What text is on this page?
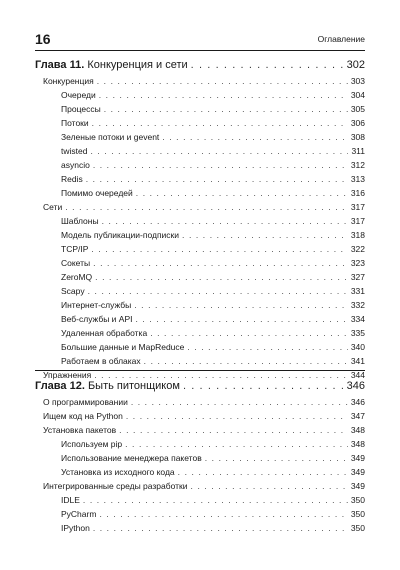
16	Оглавление
Глава 11. Конкуренция и сети . . .	302
Конкуренция . . .	303
Очереди . . .	304
Процессы . . .	305
Потоки . . .	306
Зеленые потоки и gevent . . .	308
twisted . . .	311
asyncio . . .	312
Redis . . .	313
Помимо очередей . . .	316
Сети . . .	317
Шаблоны . . .	317
Модель публикации-подписки . . .	318
TCP/IP . . .	322
Сокеты . . .	323
ZeroMQ . . .	327
Scapy . . .	331
Интернет-службы . . .	332
Веб-службы и API . . .	334
Удаленная обработка . . .	335
Большие данные и MapReduce . . .	340
Работаем в облаках . . .	341
Упражнения . . .	344
Глава 12. Быть питонщиком . . .	346
О программировании . . .	346
Ищем код на Python . . .	347
Установка пакетов . . .	348
Используем pip . . .	348
Использование менеджера пакетов . . .	349
Установка из исходного кода . . .	349
Интегрированные среды разработки . . .	349
IDLE . . .	350
PyCharm . . .	350
IPython . . .	350
